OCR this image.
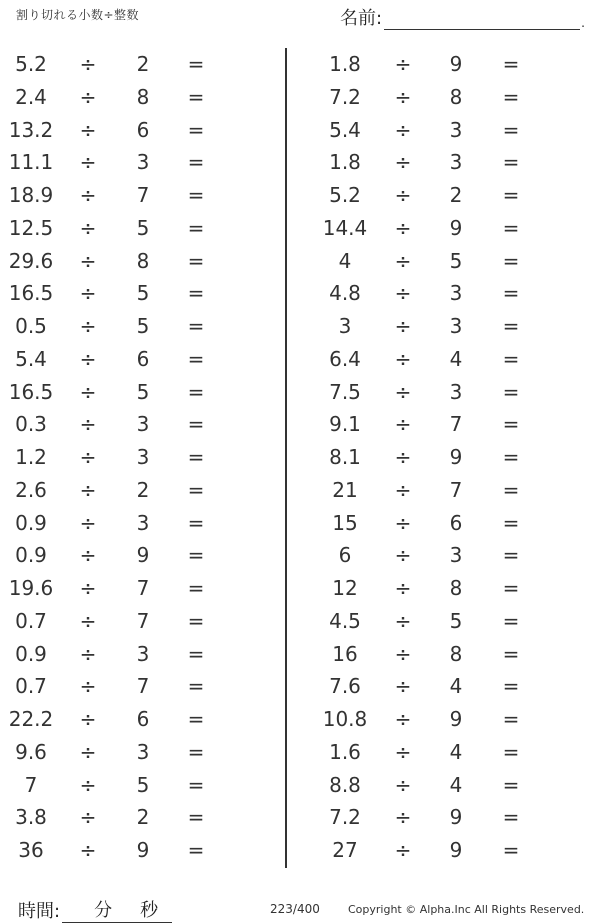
割り切れる小数÷整数	名前:	.
5.2	÷	2	=
2.4	÷	8	=
13.2 ÷	6	=
11.1 ÷	3	=
18.9 ÷	7	=
12.5 ÷	5	=
29.6 ÷	8	=
16.5 ÷	5	=
0.5	÷	5	=
5.4	÷	6	=
16.5 ÷	5	=
0.3	÷	3	=
1.2	÷	3	=
2.6	÷	2	=
0.9	÷	3	=
0.9	÷	9	=
19.6 ÷	7	=
0.7	÷	7	=
0.9	÷	3	=
0.7	÷	7	=
22.2 ÷	6	=
9.6	÷	3	=
7	÷	5	=
3.8	÷	2	=
36	÷	9	=
1.8	÷	9	=
7.2	÷	8	=
5.4	÷	3	=
1.8	÷	3	=
5.2	÷	2	=
14.4 ÷	9	=
4	÷	5	=
4.8	÷	3	=
3	÷	3	=
6.4	÷	4	=
7.5	÷	3	=
9.1	÷	7	=
8.1	÷	9	=
21	÷	7	=
15	÷	6	=
6	÷	3	=
12	÷	8	=
4.5	÷	5	=
16	÷	8	=
7.6	÷	4	=
10.8 ÷	9	=
1.6	÷	4	=
8.8	÷	4	=
7.2	÷	9	=
27	÷	9	=
時間: 分 秒	223/400	Copyright © Alpha.Inc All Rights Reserved.
